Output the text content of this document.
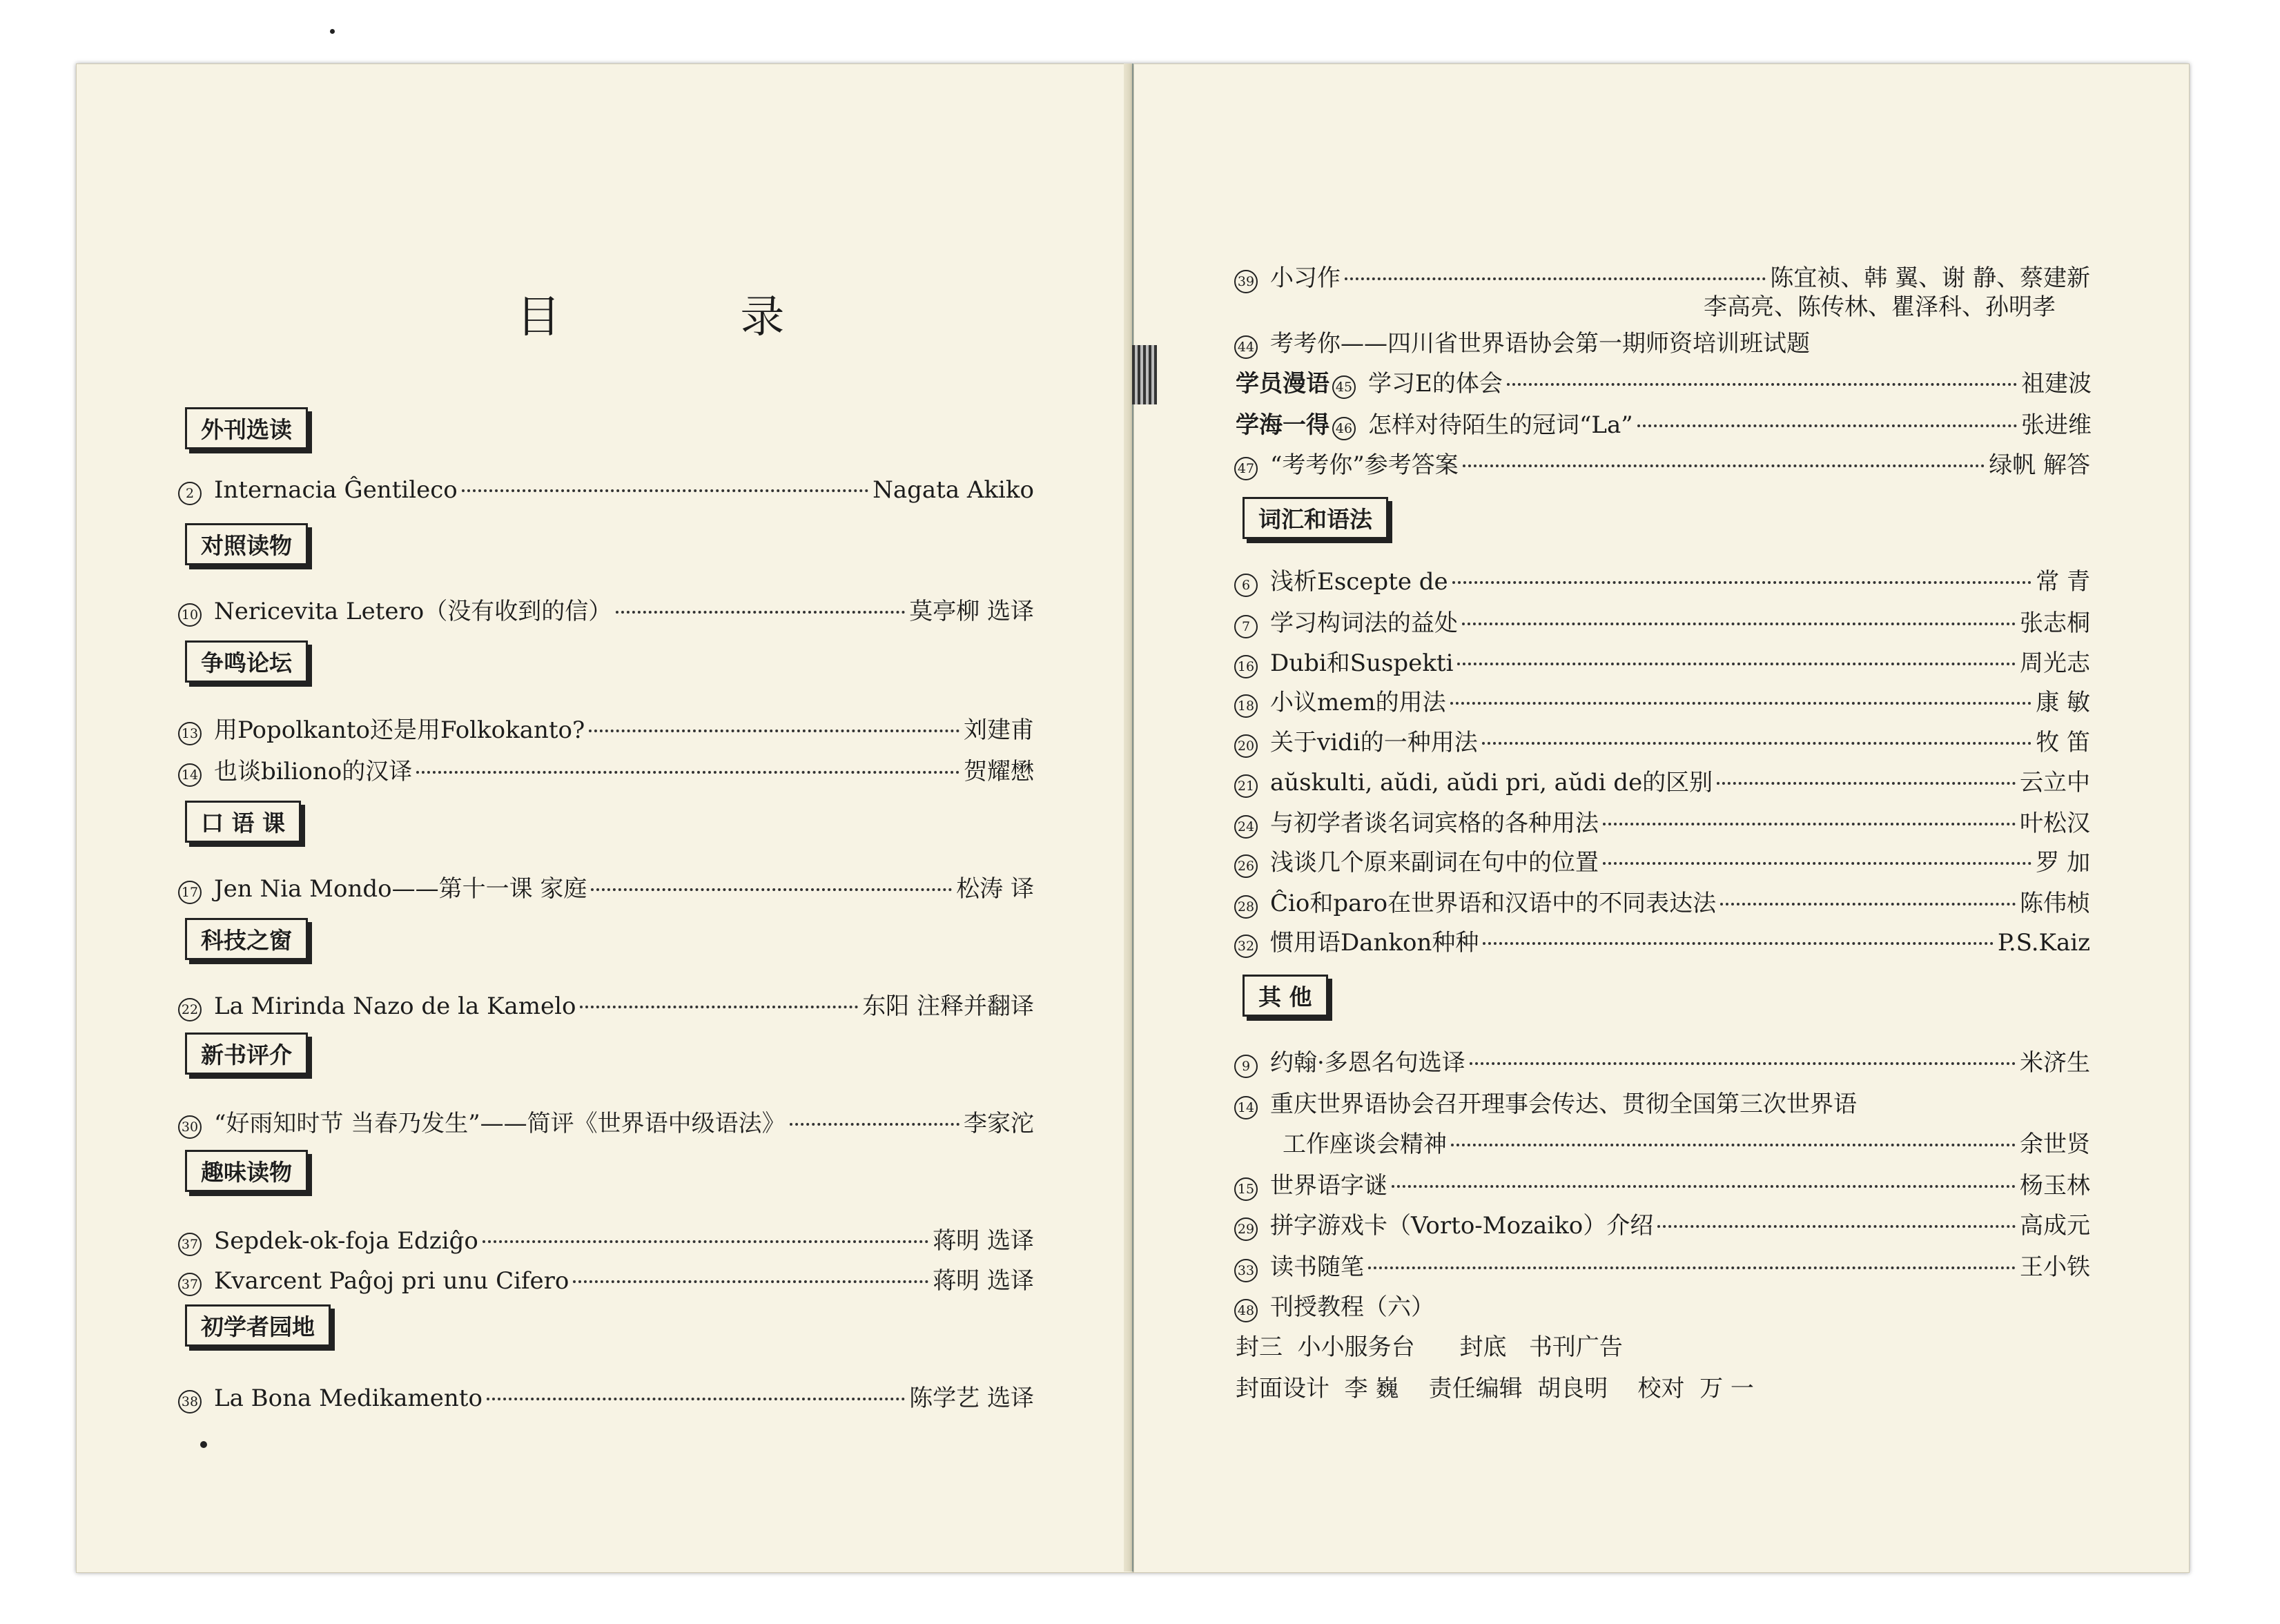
目 录
外刊选读
2 Internacia Ĝentileco	Nagata Akiko
对照读物
10 Nericevita Letero（没有收到的信）	莫亭柳 选译
争鸣论坛
13 用Popolkanto还是用Folkokanto?	刘建甫
14 也谈biliono的汉译	贺耀懋
口 语 课
17 Jen Nia Mondo——第十一课 家庭	松涛 译
科技之窗
22 La Mirinda Nazo de la Kamelo	东阳 注释并翻译
新书评介
30 “好雨知时节 当春乃发生”——简评《世界语中级语法》	李家沱
趣味读物
37 Sepdek-ok-foja Edziĝo	蒋明 选译
37 Kvarcent Paĝoj pri unu Cifero	蒋明 选译
初学者园地
38 La Bona Medikamento	陈学艺 选译
39 小习作	陈宜祯、韩 翼、谢 静、蔡建新
李高亮、陈传林、瞿泽科、孙明孝
44 考考你——四川省世界语协会第一期师资培训班试题
学员漫语 45 学习E的体会	祖建波
学海一得 46 怎样对待陌生的冠词“La”	张进维
47 “考考你”参考答案	绿帆 解答
词汇和语法
6 浅析Escepte de	常 青
7 学习构词法的益处	张志桐
16 Dubi和Suspekti	周光志
18 小议mem的用法	康 敏
20 关于vidi的一种用法	牧 笛
21 aŭskulti, aŭdi, aŭdi pri, aŭdi de的区别	云立中
24 与初学者谈名词宾格的各种用法	叶松汉
26 浅谈几个原来副词在句中的位置	罗 加
28 Ĉio和paro在世界语和汉语中的不同表达法	陈伟桢
32 惯用语Dankon种种	P.S.Kaiz
其 他
9 约翰·多恩名句选译	米济生
14 重庆世界语协会召开理事会传达、贯彻全国第三次世界语
工作座谈会精神	余世贤
15 世界语字谜	杨玉林
29 拼字游戏卡（Vorto-Mozaiko）介绍	高成元
33 读书随笔	王小铁
48 刊授教程（六）
封三  小小服务台      封底   书刊广告
封面设计  李 巍    责任编辑  胡良明    校对  万 一
